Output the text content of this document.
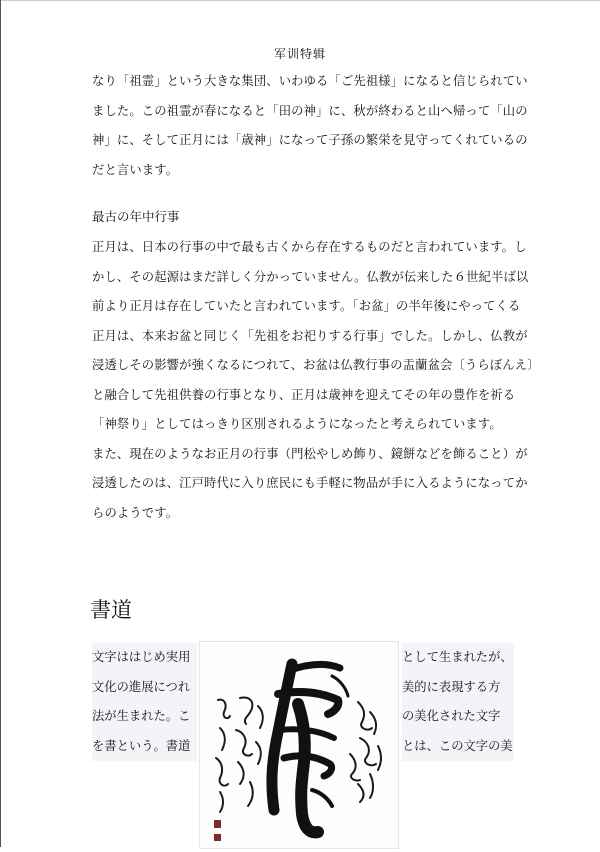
军训特辑

なり「祖霊」という大きな集団、いわゆる「ご先祖様」になると信じられてい

ました。この祖霊が春になると「田の神」に、秋が終わると山へ帰って「山の

神」に、そして正月には「歳神」になって子孫の繁栄を見守ってくれているの

だと言います。

最古の年中行事

正月は、日本の行事の中で最も古くから存在するものだと言われています。し

かし、その起源はまだ詳しく分かっていません。仏教が伝来した６世紀半ば以

前より正月は存在していたと言われています。「お盆」の半年後にやってくる

正月は、本来お盆と同じく「先祖をお祀りする行事」でした。しかし、仏教が

浸透しその影響が強くなるにつれて、お盆は仏教行事の盂蘭盆会〔うらぼんえ〕

と融合して先祖供養の行事となり、正月は歳神を迎えてその年の豊作を祈る

「神祭り」としてはっきり区別されるようになったと考えられています。

また、現在のようなお正月の行事（門松やしめ飾り、鏡餅などを飾ること）が

浸透したのは、江戸時代に入り庶民にも手軽に物品が手に入るようになってか

らのようです。

書道
文字ははじめ実用
文化の進展につれ
法が生まれた。こ
を書という。書道
として生まれたが、
美的に表現する方
の美化された文字
とは、この文字の美
